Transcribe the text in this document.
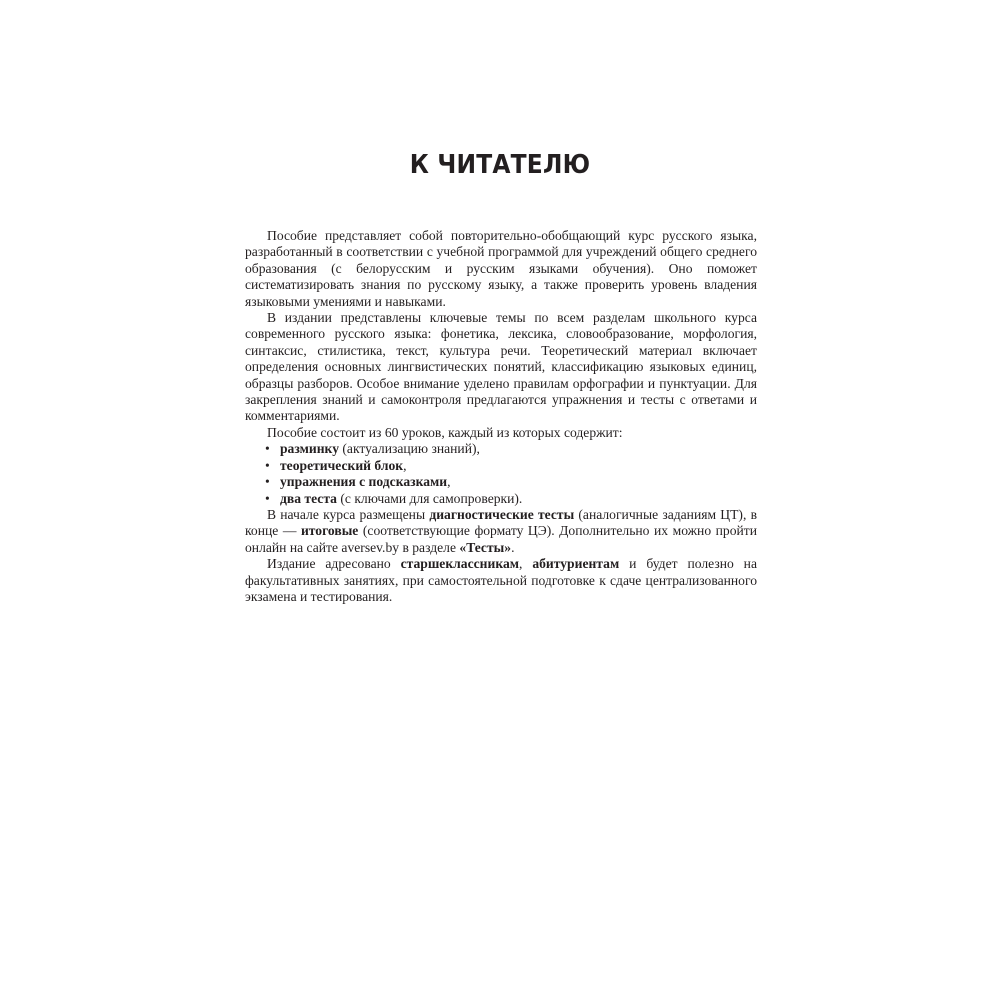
К ЧИТАТЕЛЮ

Пособие представляет собой повторительно-обобщающий курс русского языка, разработанный в соответствии с учебной программой для учреждений общего среднего образования (с белорусским и русским языками обучения). Оно поможет систематизировать знания по русскому языку, а также проверить уровень владения языковыми умениями и навыками.

В издании представлены ключевые темы по всем разделам школьного курса современного русского языка: фонетика, лексика, словообразование, морфология, синтаксис, стилистика, текст, культура речи. Теоретический материал включает определения основных лингвистических понятий, классификацию языковых единиц, образцы разборов. Особое внимание уделено правилам орфографии и пунктуации. Для закрепления знаний и самоконтроля предлагаются упражнения и тесты с ответами и комментариями.

Пособие состоит из 60 уроков, каждый из которых содержит:

• разминку (актуализацию знаний),
• теоретический блок,
• упражнения с подсказками,
• два теста (с ключами для самопроверки).

В начале курса размещены диагностические тесты (аналогичные заданиям ЦТ), в конце — итоговые (соответствующие формату ЦЭ). Дополнительно их можно пройти онлайн на сайте aversev.by в разделе «Тесты».

Издание адресовано старшеклассникам, абитуриентам и будет полезно на факультативных занятиях, при самостоятельной подготовке к сдаче централизованного экзамена и тестирования.
